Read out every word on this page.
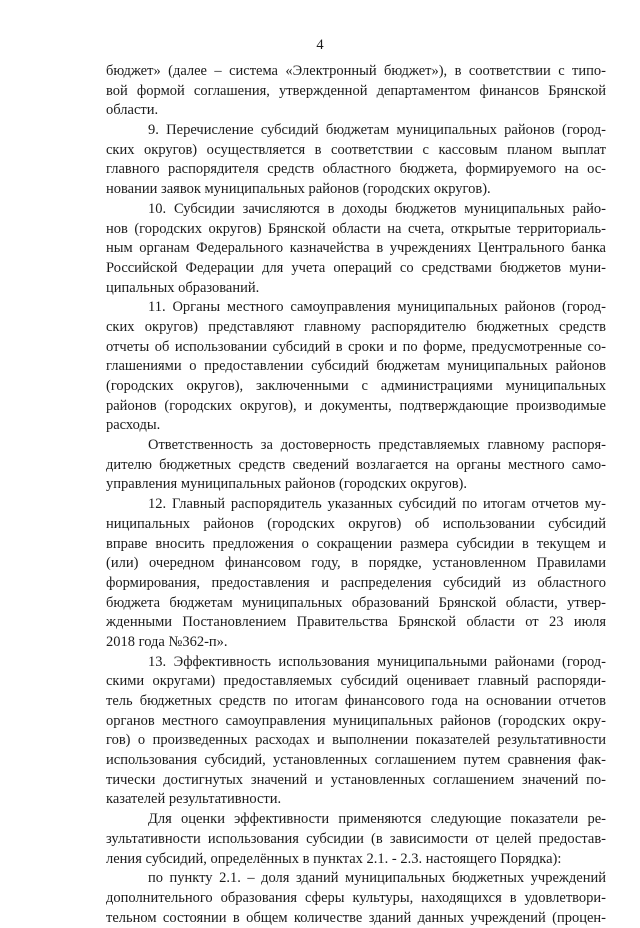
4
бюджет» (далее – система «Электронный бюджет»), в соответствии с типо-
вой формой соглашения, утвержденной департаментом финансов Брянской
области.
9. Перечисление субсидий бюджетам муниципальных районов (город-
ских округов) осуществляется в соответствии с кассовым планом выплат
главного распорядителя средств областного бюджета, формируемого на ос-
новании заявок муниципальных районов (городских округов).
10. Субсидии зачисляются в доходы бюджетов муниципальных райо-
нов (городских округов) Брянской области на счета, открытые территориаль-
ным органам Федерального казначейства в учреждениях Центрального банка
Российской Федерации для учета операций со средствами бюджетов муни-
ципальных образований.
11. Органы местного самоуправления муниципальных районов (город-
ских округов) представляют главному распорядителю бюджетных средств
отчеты об использовании субсидий в сроки и по форме, предусмотренные со-
глашениями о предоставлении субсидий бюджетам муниципальных районов
(городских округов), заключенными с администрациями муниципальных
районов (городских округов), и документы, подтверждающие производимые
расходы.
Ответственность за достоверность представляемых главному распоря-
дителю бюджетных средств сведений возлагается на органы местного само-
управления муниципальных районов (городских округов).
12. Главный распорядитель указанных субсидий по итогам отчетов му-
ниципальных районов (городских округов) об использовании субсидий
вправе вносить предложения о сокращении размера субсидии в текущем и
(или) очередном финансовом году, в порядке, установленном Правилами
формирования, предоставления и распределения субсидий из областного
бюджета бюджетам муниципальных образований Брянской области, утвер-
жденными Постановлением Правительства Брянской области от 23 июля
2018 года №362-п».
13. Эффективность использования муниципальными районами (город-
скими округами) предоставляемых субсидий оценивает главный распоряди-
тель бюджетных средств по итогам финансового года на основании отчетов
органов местного самоуправления муниципальных районов (городских окру-
гов) о произведенных расходах и выполнении показателей результативности
использования субсидий, установленных соглашением путем сравнения фак-
тически достигнутых значений и установленных соглашением значений по-
казателей результативности.
Для оценки эффективности применяются следующие показатели ре-
зультативности использования субсидии (в зависимости от целей предостав-
ления субсидий, определённых в пунктах 2.1. - 2.3. настоящего Порядка):
по пункту 2.1. – доля зданий муниципальных бюджетных учреждений
дополнительного образования сферы культуры, находящихся в удовлетвори-
тельном состоянии в общем количестве зданий данных учреждений (процен-
